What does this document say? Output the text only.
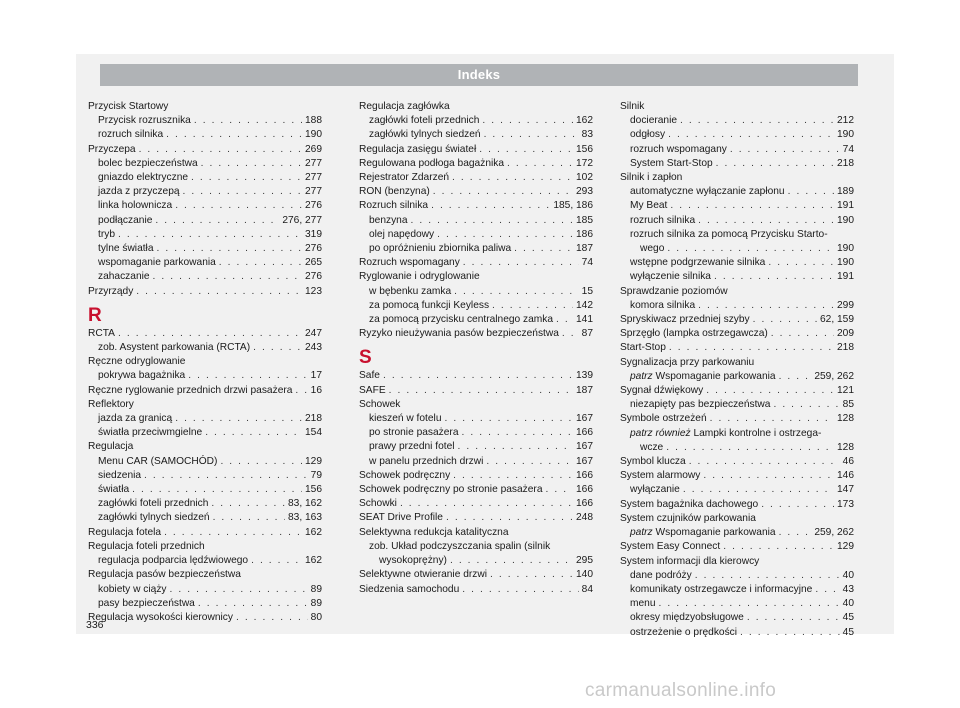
Indeks
Przycisk Startowy
Przycisk rozrusznika . . .	188
rozruch silnika . . .	190
Przyczepa . . .	269
bolec bezpieczeństwa . . .	277
gniazdo elektryczne . . .	277
jazda z przyczepą . . .	277
linka holownicza . . .	276
podłączanie . . .	276, 277
tryb . . .	319
tylne światła . . .	276
wspomaganie parkowania . . .	265
zahaczanie . . .	276
Przyrządy . . .	123
R
RCTA . . .	247
zob. Asystent parkowania (RCTA) . . .	243
Ręczne odryglowanie
pokrywa bagażnika . . .	17
Ręczne ryglowanie przednich drzwi pasażera . . . 16
Reflektory
jazda za granicą . . .	218
światła przeciwmgielne . . .	154
Regulacja
Menu CAR (SAMOCHÓD) . . .	129
siedzenia . . .	79
światła . . .	156
zagłówki foteli przednich . . .	83, 162
zagłówki tylnych siedzeń . . .	83, 163
Regulacja fotela . . .	162
Regulacja foteli przednich
regulacja podparcia lędźwiowego . . .	162
Regulacja pasów bezpieczeństwa
kobiety w ciąży . . .	89
pasy bezpieczeństwa . . .	89
Regulacja wysokości kierownicy . . .	80
Regulacja zagłówka
zagłówki foteli przednich . . .	162
zagłówki tylnych siedzeń . . .	83
Regulacja zasięgu świateł . . .	156
Regulowana podłoga bagażnika . . .	172
Rejestrator Zdarzeń . . .	102
RON (benzyna) . . .	293
Rozruch silnika . . .	185, 186
benzyna . . .	185
olej napędowy . . .	186
po opróżnieniu zbiornika paliwa . . .	187
Rozruch wspomagany . . .	74
Ryglowanie i odryglowanie
w bębenku zamka . . .	15
za pomocą funkcji Keyless . . .	142
za pomocą przycisku centralnego zamka . . . 141
Ryzyko nieużywania pasów bezpieczeństwa . . . 87
S
Safe . . .	139
SAFE . . .	187
Schowek
kieszeń w fotelu . . .	167
po stronie pasażera . . .	166
prawy przedni fotel . . .	167
w panelu przednich drzwi . . .	167
Schowek podręczny . . .	166
Schowek podręczny po stronie pasażera . . .	166
Schowki . . .	166
SEAT Drive Profile . . .	248
Selektywna redukcja katalityczna
zob. Układ podczyszczania spalin (silnik
wysokoprężny) . . .	295
Selektywne otwieranie drzwi . . .	140
Siedzenia samochodu . . .	84
Silnik
docieranie . . .	212
odgłosy . . .	190
rozruch wspomagany . . .	74
System Start-Stop . . .	218
Silnik i zapłon
automatyczne wyłączanie zapłonu . . .	189
My Beat . . .	191
rozruch silnika . . .	190
rozruch silnika za pomocą Przycisku Starto-
wego . . .	190
wstępne podgrzewanie silnika . . .	190
wyłączenie silnika . . .	191
Sprawdzanie poziomów
komora silnika . . .	299
Spryskiwacz przedniej szyby . . .	62, 159
Sprzęgło (lampka ostrzegawcza) . . .	209
Start-Stop . . .	218
Sygnalizacja przy parkowaniu
patrz Wspomaganie parkowania . . .	259, 262
Sygnał dźwiękowy . . .	121
niezapięty pas bezpieczeństwa . . .	85
Symbole ostrzeżeń . . .	128
patrz również Lampki kontrolne i ostrzega-
wcze . . .	128
Symbol klucza . . .	46
System alarmowy . . .	146
wyłączanie . . .	147
System bagażnika dachowego . . .	173
System czujników parkowania
patrz Wspomaganie parkowania . . .	259, 262
System Easy Connect . . .	129
System informacji dla kierowcy
dane podróży . . .	40
komunikaty ostrzegawcze i informacyjne . . .	43
menu . . .	40
okresy międzyobsługowe . . .	45
ostrzeżenie o prędkości . . .	45
336
carmanualsonline.info
